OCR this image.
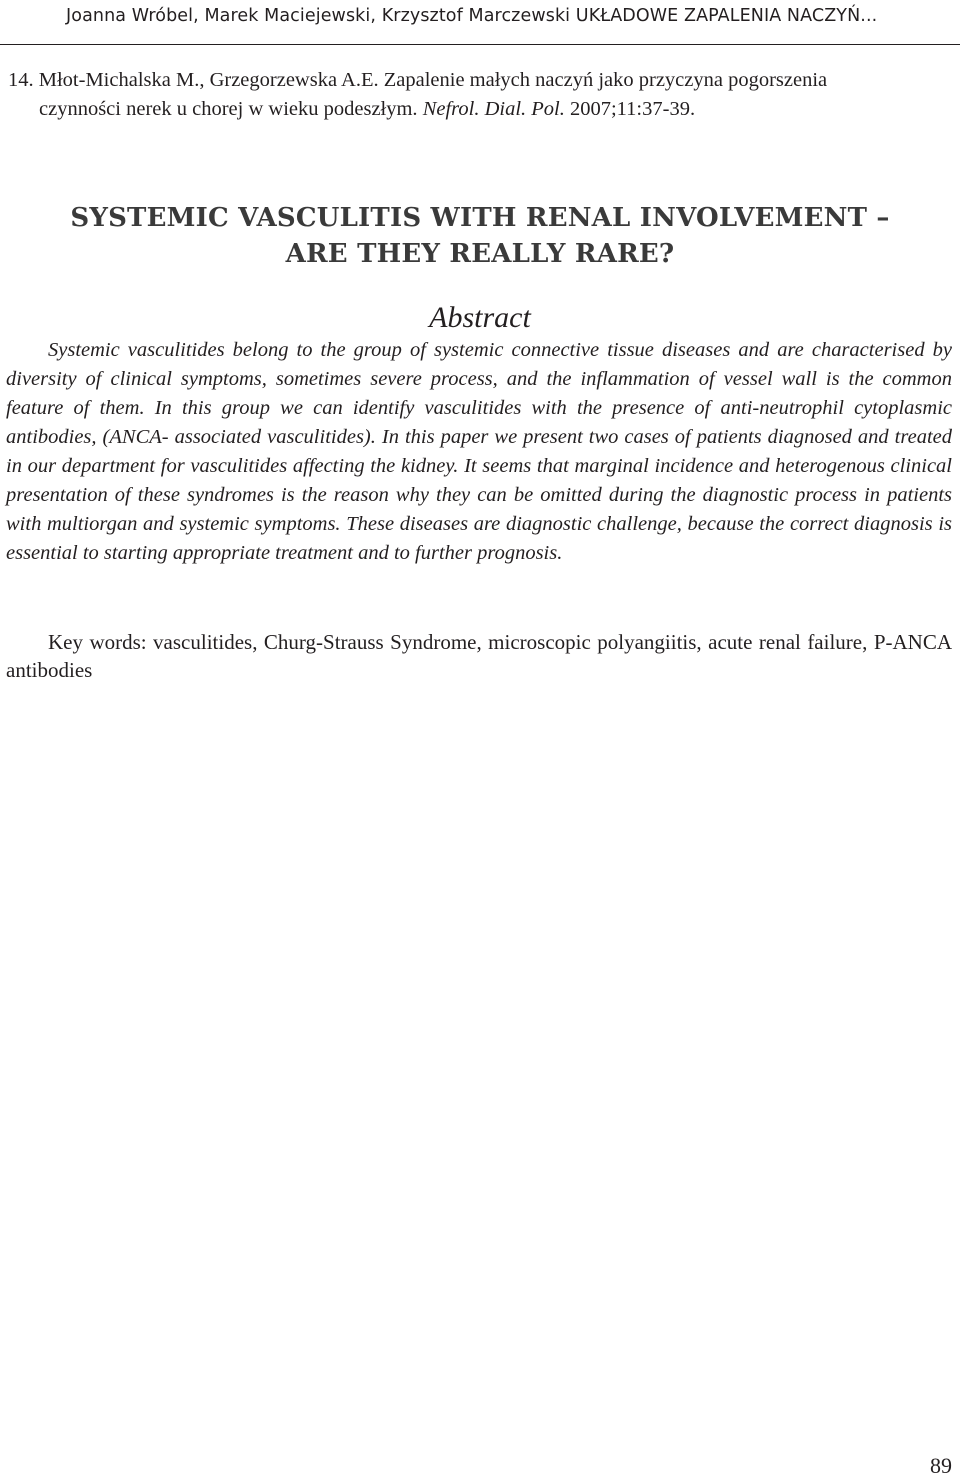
Joanna Wróbel, Marek Maciejewski, Krzysztof Marczewski UKŁADOWE ZAPALENIA NACZYŃ...
14. Młot-Michalska M., Grzegorzewska A.E. Zapalenie małych naczyń jako przyczyna pogorszenia
czynności nerek u chorej w wieku podeszłym. Nefrol. Dial. Pol. 2007;11:37-39.
SYSTEMIC VASCULITIS WITH RENAL INVOLVEMENT –
ARE THEY REALLY RARE?
Abstract
Systemic vasculitides belong to the group of systemic connective tissue diseases and are characterised by diversity of clinical symptoms, sometimes severe process, and the inflammation of vessel wall is the common feature of them. In this group we can identify vasculitides with the presence of anti-neutrophil cytoplasmic antibodies, (ANCA- associated vasculitides). In this paper we present two cases of patients diagnosed and treated in our department for vasculitides affecting the kidney. It seems that marginal incidence and heterogenous clinical presentation of these syndromes is the reason why they can be omitted during the diagnostic process in patients with multiorgan and systemic symptoms. These diseases are diagnostic challenge, because the correct diagnosis is essential to starting appropriate treatment and to further prognosis.
Key words: vasculitides, Churg-Strauss Syndrome, microscopic polyangiitis, acute renal failure, P-ANCA antibodies
89
